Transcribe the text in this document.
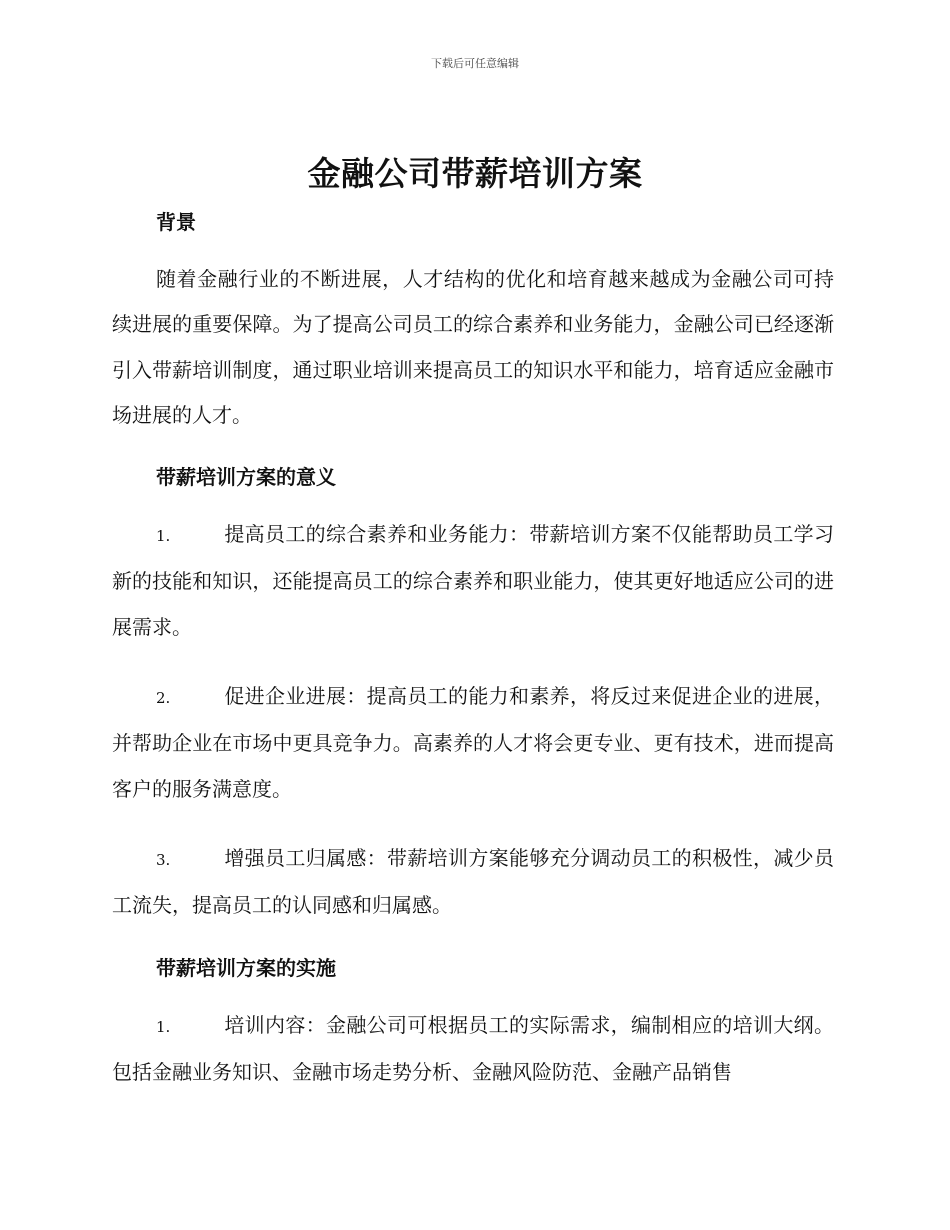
下载后可任意编辑
金融公司带薪培训方案
背景

随着金融行业的不断进展，人才结构的优化和培育越来越成为金融公司可持续进展的重要保障。为了提高公司员工的综合素养和业务能力，金融公司已经逐渐引入带薪培训制度，通过职业培训来提高员工的知识水平和能力，培育适应金融市场进展的人才。

带薪培训方案的意义

1.	提高员工的综合素养和业务能力：带薪培训方案不仅能帮助员工学习新的技能和知识，还能提高员工的综合素养和职业能力，使其更好地适应公司的进展需求。

2.	促进企业进展：提高员工的能力和素养，将反过来促进企业的进展，并帮助企业在市场中更具竞争力。高素养的人才将会更专业、更有技术，进而提高客户的服务满意度。

3.	增强员工归属感：带薪培训方案能够充分调动员工的积极性，减少员工流失，提高员工的认同感和归属感。

带薪培训方案的实施

1.	培训内容：金融公司可根据员工的实际需求，编制相应的培训大纲。包括金融业务知识、金融市场走势分析、金融风险防范、金融产品销售
